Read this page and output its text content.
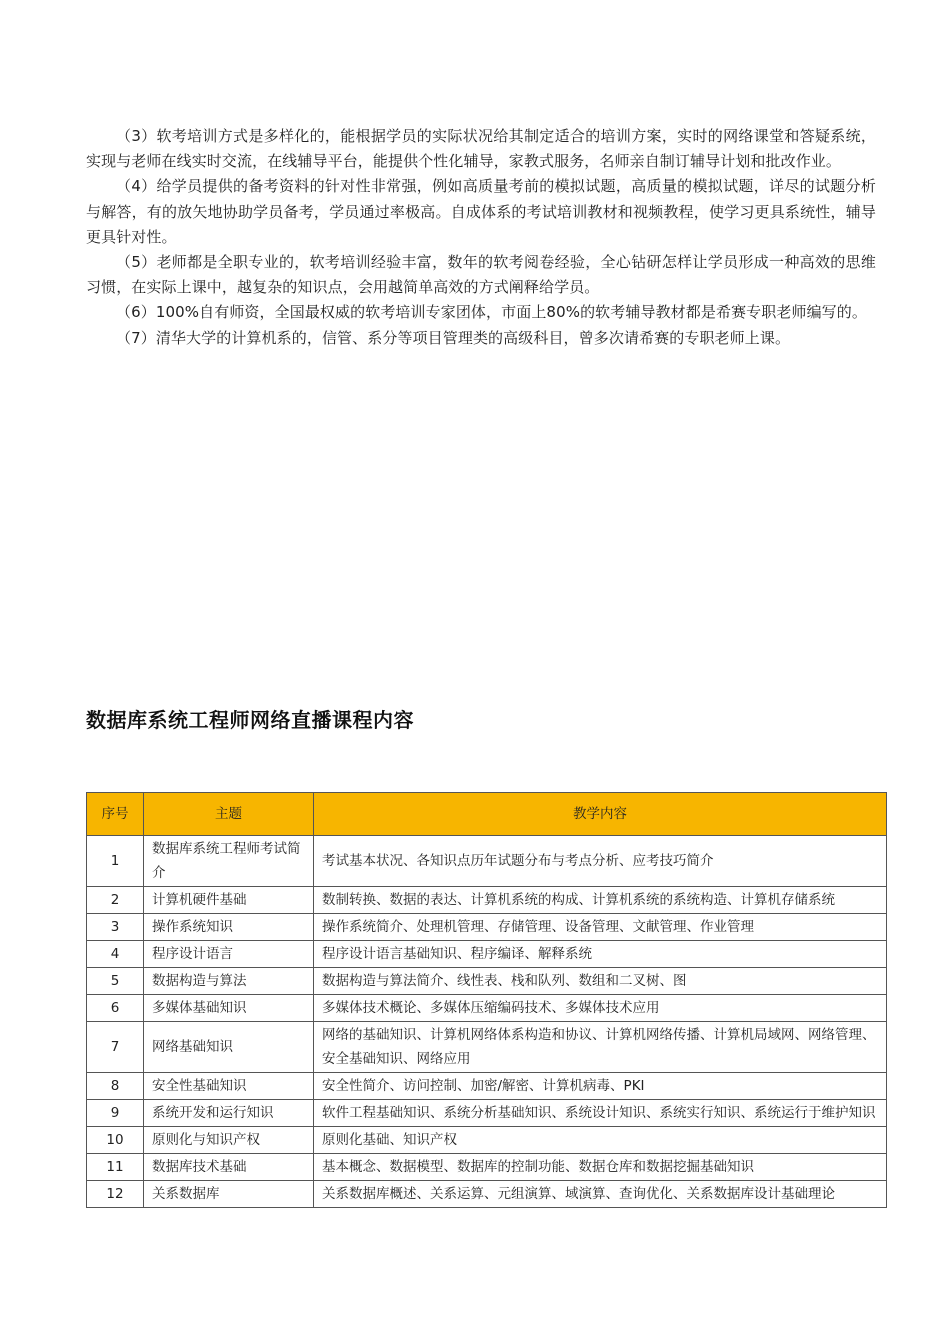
（3）软考培训方式是多样化的，能根据学员的实际状况给其制定适合的培训方案，实时的网络课堂和答疑系统，实现与老师在线实时交流，在线辅导平台，能提供个性化辅导，家教式服务，名师亲自制订辅导计划和批改作业。

（4）给学员提供的备考资料的针对性非常强，例如高质量考前的模拟试题，高质量的模拟试题，详尽的试题分析与解答，有的放矢地协助学员备考，学员通过率极高。自成体系的考试培训教材和视频教程，使学习更具系统性，辅导更具针对性。

（5）老师都是全职专业的，软考培训经验丰富，数年的软考阅卷经验，全心钻研怎样让学员形成一种高效的思维习惯，在实际上课中，越复杂的知识点，会用越简单高效的方式阐释给学员。

（6）100%自有师资，全国最权威的软考培训专家团体，市面上80%的软考辅导教材都是希赛专职老师编写的。

（7）清华大学的计算机系的，信管、系分等项目管理类的高级科目，曾多次请希赛的专职老师上课。

数据库系统工程师网络直播课程内容
序号	主题	教学内容
1	数据库系统工程师考试简介	考试基本状况、各知识点历年试题分布与考点分析、应考技巧简介
2	计算机硬件基础	数制转换、数据的表达、计算机系统的构成、计算机系统的系统构造、计算机存储系统
3	操作系统知识	操作系统简介、处理机管理、存储管理、设备管理、文献管理、作业管理
4	程序设计语言	程序设计语言基础知识、程序编译、解释系统
5	数据构造与算法	数据构造与算法简介、线性表、栈和队列、数组和二叉树、图
6	多媒体基础知识	多媒体技术概论、多媒体压缩编码技术、多媒体技术应用
7	网络基础知识	网络的基础知识、计算机网络体系构造和协议、计算机网络传播、计算机局域网、网络管理、安全基础知识、网络应用
8	安全性基础知识	安全性简介、访问控制、加密/解密、计算机病毒、PKI
9	系统开发和运行知识	软件工程基础知识、系统分析基础知识、系统设计知识、系统实行知识、系统运行于维护知识
10	原则化与知识产权	原则化基础、知识产权
11	数据库技术基础	基本概念、数据模型、数据库的控制功能、数据仓库和数据挖掘基础知识
12	关系数据库	关系数据库概述、关系运算、元组演算、域演算、查询优化、关系数据库设计基础理论
